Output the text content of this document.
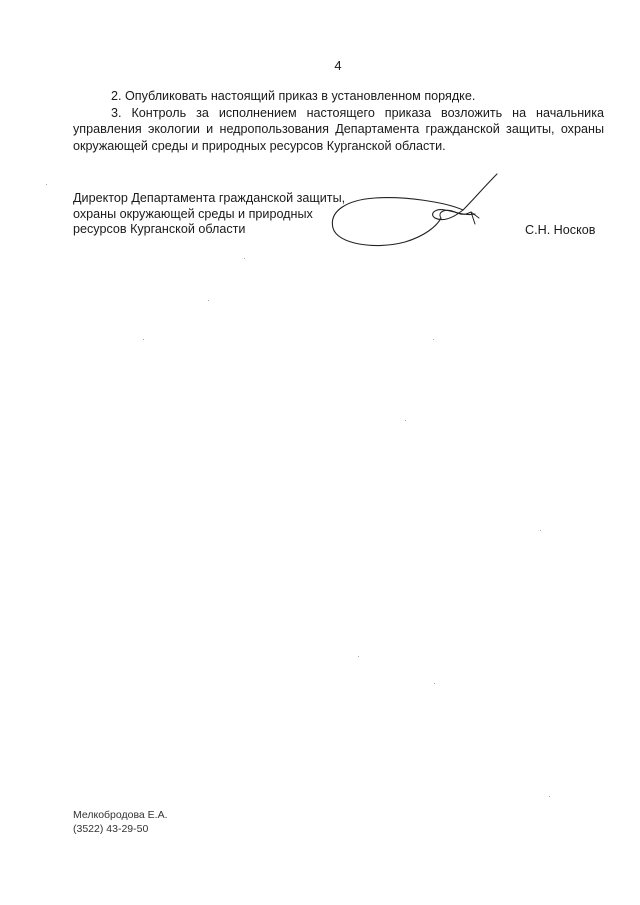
4

2. Опубликовать настоящий приказ в установленном порядке.

3. Контроль за исполнением настоящего приказа возложить на начальника управления экологии и недропользования Департамента гражданской защиты, охраны окружающей среды и природных ресурсов Курганской области.

Директор Департамента гражданской защиты,
охраны окружающей среды и природных
ресурсов Курганской области	С.Н. Носков
Мелкобродова Е.А.
(3522) 43-29-50
